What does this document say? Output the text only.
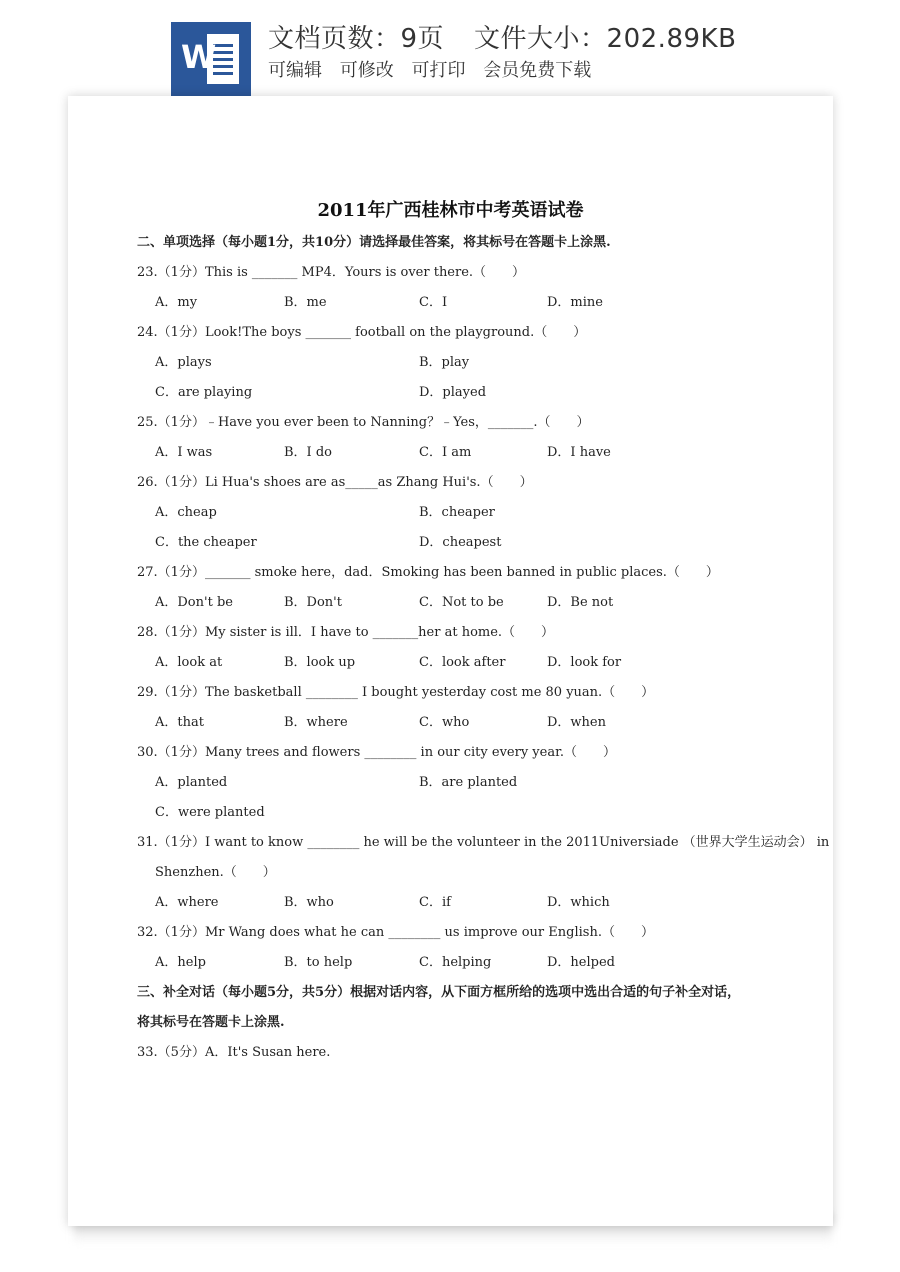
W 文档页数：9页 文件大小：202.89KB
可编辑 可修改 可打印 会员免费下载
2011年广西桂林市中考英语试卷
二、单项选择（每小题1分，共10分）请选择最佳答案，将其标号在答题卡上涂黑.
23.（1分）This is _______ MP4．Yours is over there.（　　）
A．my	B．me	C．I	D．mine
24.（1分）Look!The boys _______ football on the playground.（　　）
A．plays	B．play
C．are playing	D．played
25.（1分）﹣Have you ever been to Nanning？﹣Yes，_______.（　　）
A．I was	B．I do	C．I am	D．I have
26.（1分）Li Hua's shoes are as_____as Zhang Hui's.（　　）
A．cheap	B．cheaper
C．the cheaper	D．cheapest
27.（1分）_______ smoke here，dad．Smoking has been banned in public places.（　　）
A．Don't be	B．Don't	C．Not to be	D．Be not
28.（1分）My sister is ill．I have to _______her at home.（　　）
A．look at	B．look up	C．look after	D．look for
29.（1分）The basketball ________ I bought yesterday cost me 80 yuan.（　　）
A．that	B．where	C．who	D．when
30.（1分）Many trees and flowers ________ in our city every year.（　　）
A．planted	B．are planted
C．were planted
31.（1分）I want to know ________ he will be the volunteer in the 2011Universiade （世界大学生运动会） in
Shenzhen.（　　）
A．where	B．who	C．if	D．which
32.（1分）Mr Wang does what he can ________ us improve our English.（　　）
A．help	B．to help	C．helping	D．helped
三、补全对话（每小题5分，共5分）根据对话内容，从下面方框所给的选项中选出合适的句子补全对话，
将其标号在答题卡上涂黑.
33.（5分）A．It's Susan here.
